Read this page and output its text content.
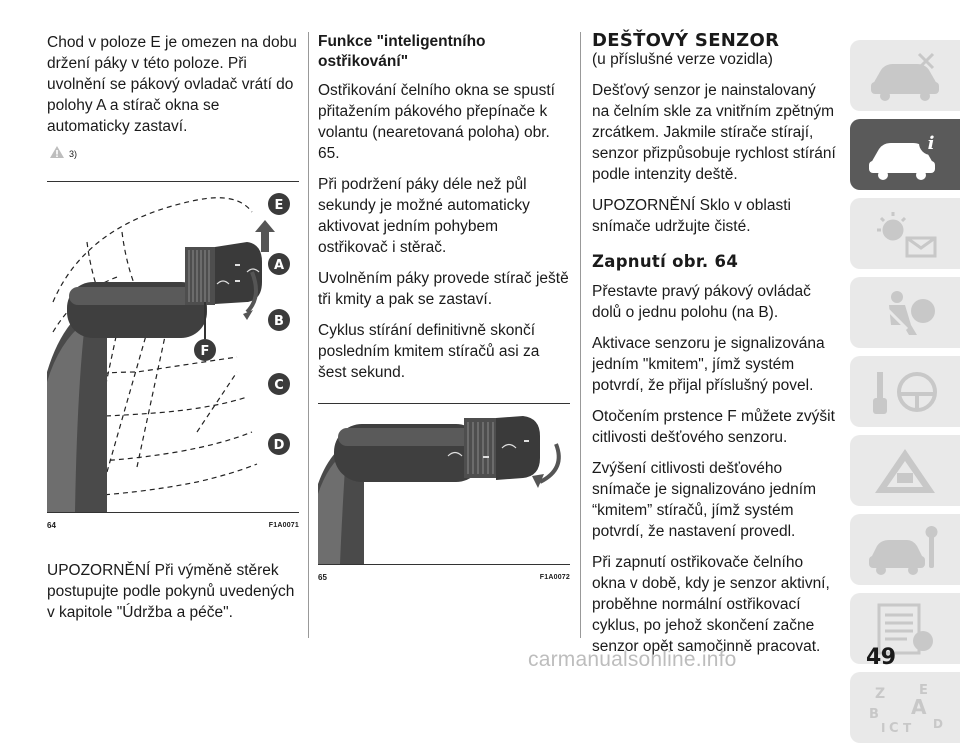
Chod v poloze E je omezen na dobu držení páky v této poloze. Při uvolnění se pákový ovladač vrátí do polohy A a stírač okna se automaticky zastaví.

3)
E
A
B
C
D
F
64	F1A0071

UPOZORNĚNÍ Při výměně stěrek postupujte podle pokynů uvedených v kapitole "Údržba a péče".

Funkce "inteligentního ostřikování"

Ostřikování čelního okna se spustí přitažením pákového přepínače k volantu (nearetovaná poloha) obr. 65.

Při podržení páky déle než půl sekundy je možné automaticky aktivovat jedním pohybem ostřikovač i stěrač.

Uvolněním páky provede stírač ještě tři kmity a pak se zastaví.

Cyklus stírání definitivně skončí posledním kmitem stíračů asi za šest sekund.

65	F1A0072
DEŠŤOVÝ SENZOR
(u příslušné verze vozidla)

Dešťový senzor je nainstalovaný na čelním skle za vnitřním zpětným zrcátkem. Jakmile stírače stírají, senzor přizpůsobuje rychlost stírání podle intenzity deště.

UPOZORNĚNÍ Sklo v oblasti snímače udržujte čisté.

Zapnutí obr. 64

Přestavte pravý pákový ovládač dolů o jednu polohu (na B).

Aktivace senzoru je signalizována jedním "kmitem", jímž systém potvrdí, že přijal příslušný povel.

Otočením prstence F můžete zvýšit citlivosti dešťového senzoru.

Zvýšení citlivosti dešťového snímače je signalizováno jedním “kmitem” stíračů, jímž systém potvrdí, že nastavení provedl.

Při zapnutí ostřikovače čelního okna v době, kdy je senzor aktivní, proběhne normální ostřikovací cyklus, po jehož skončení začne senzor opět samočinně pracovat.

i
Z	E
A
B
C	D
I T
carmanualsonline.info	49
